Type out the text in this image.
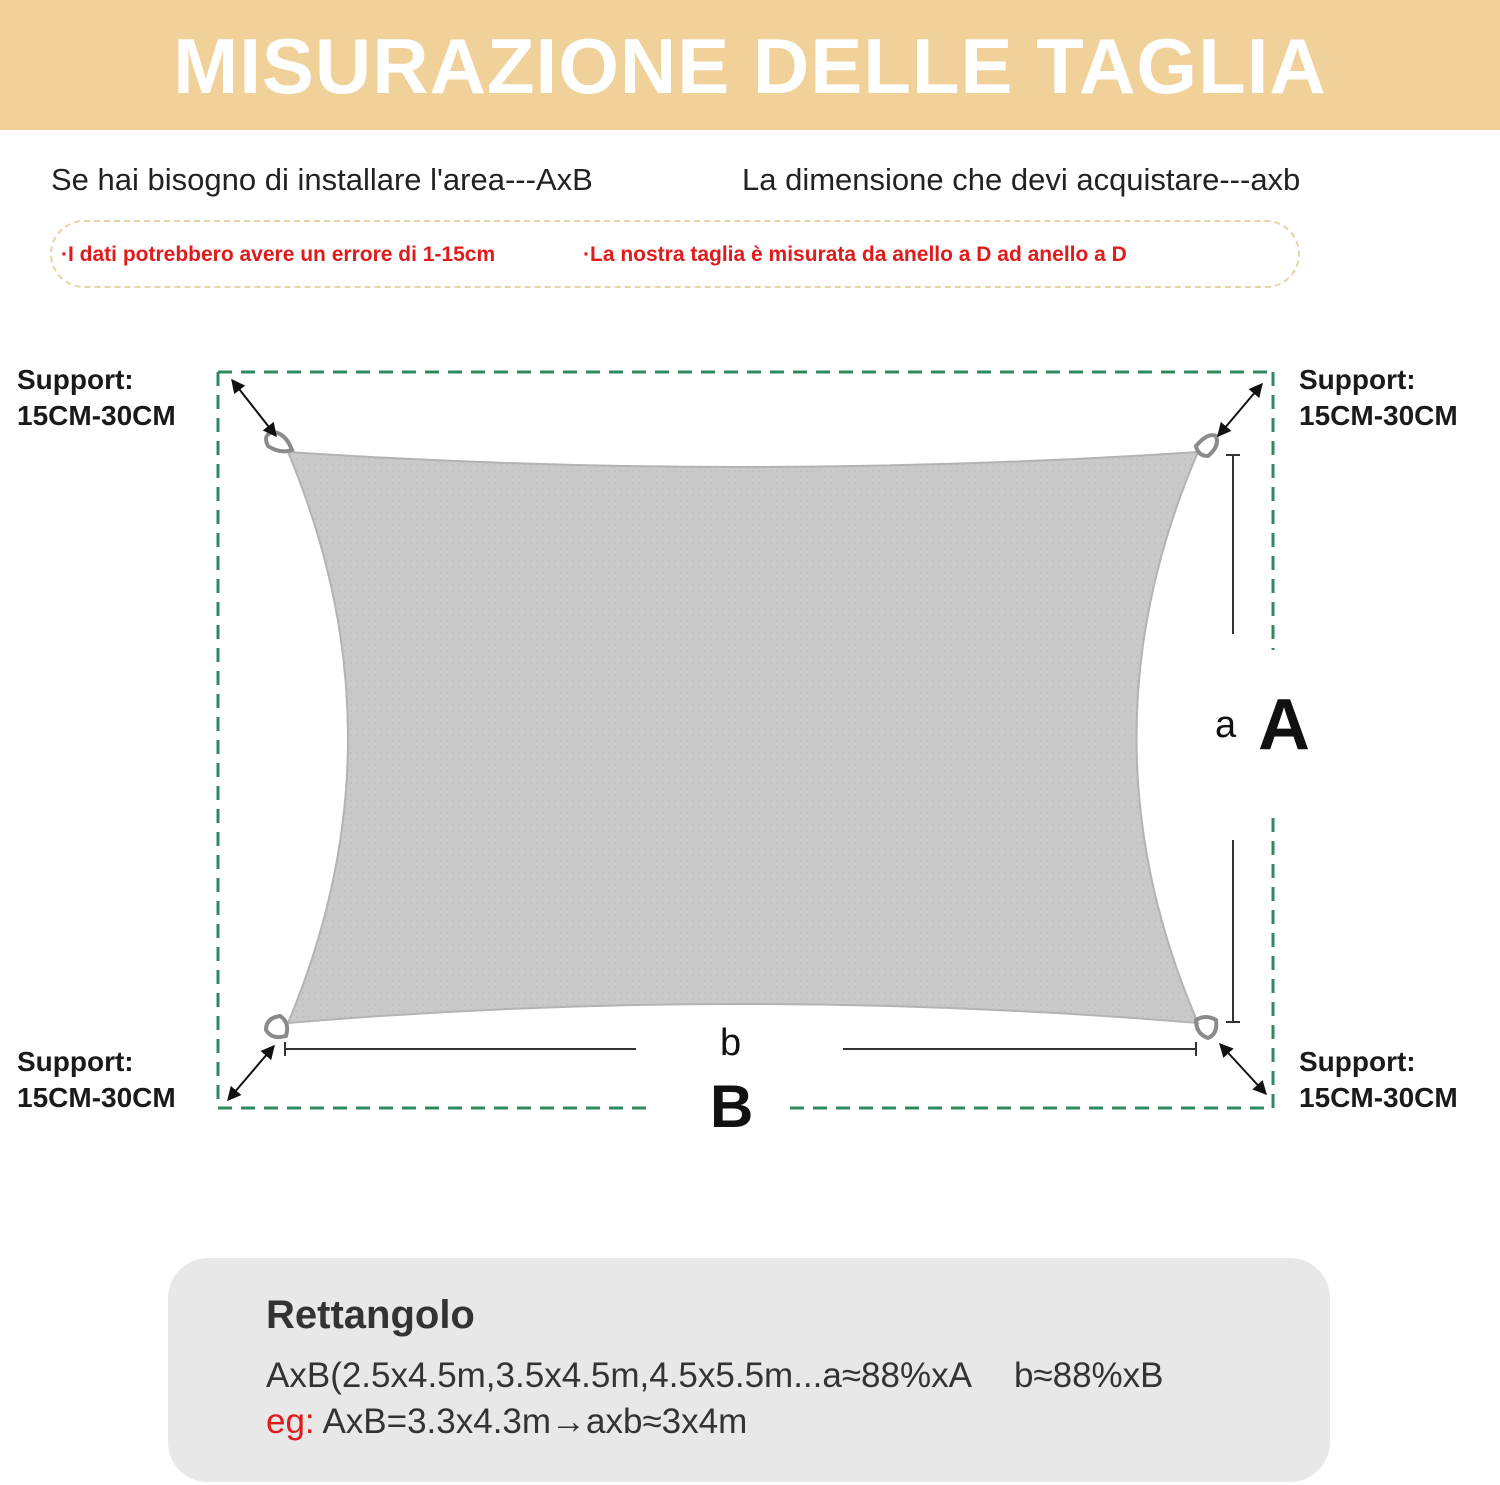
MISURAZIONE DELLE TAGLIA
Se hai bisogno di installare l'area---AxB	La dimensione che devi acquistare---axb
·I dati potrebbero avere un errore di 1-15cm	·La nostra taglia è misurata da anello a D ad anello a D
Support:
15CM-30CM
Support:
15CM-30CM
Support:
15CM-30CM
Support:
15CM-30CM
a A
b
B
Rettangolo
AxB(2.5x4.5m,3.5x4.5m,4.5x5.5m...a≈88%xA b≈88%xB
eg: AxB=3.3x4.3m→axb≈3x4m
